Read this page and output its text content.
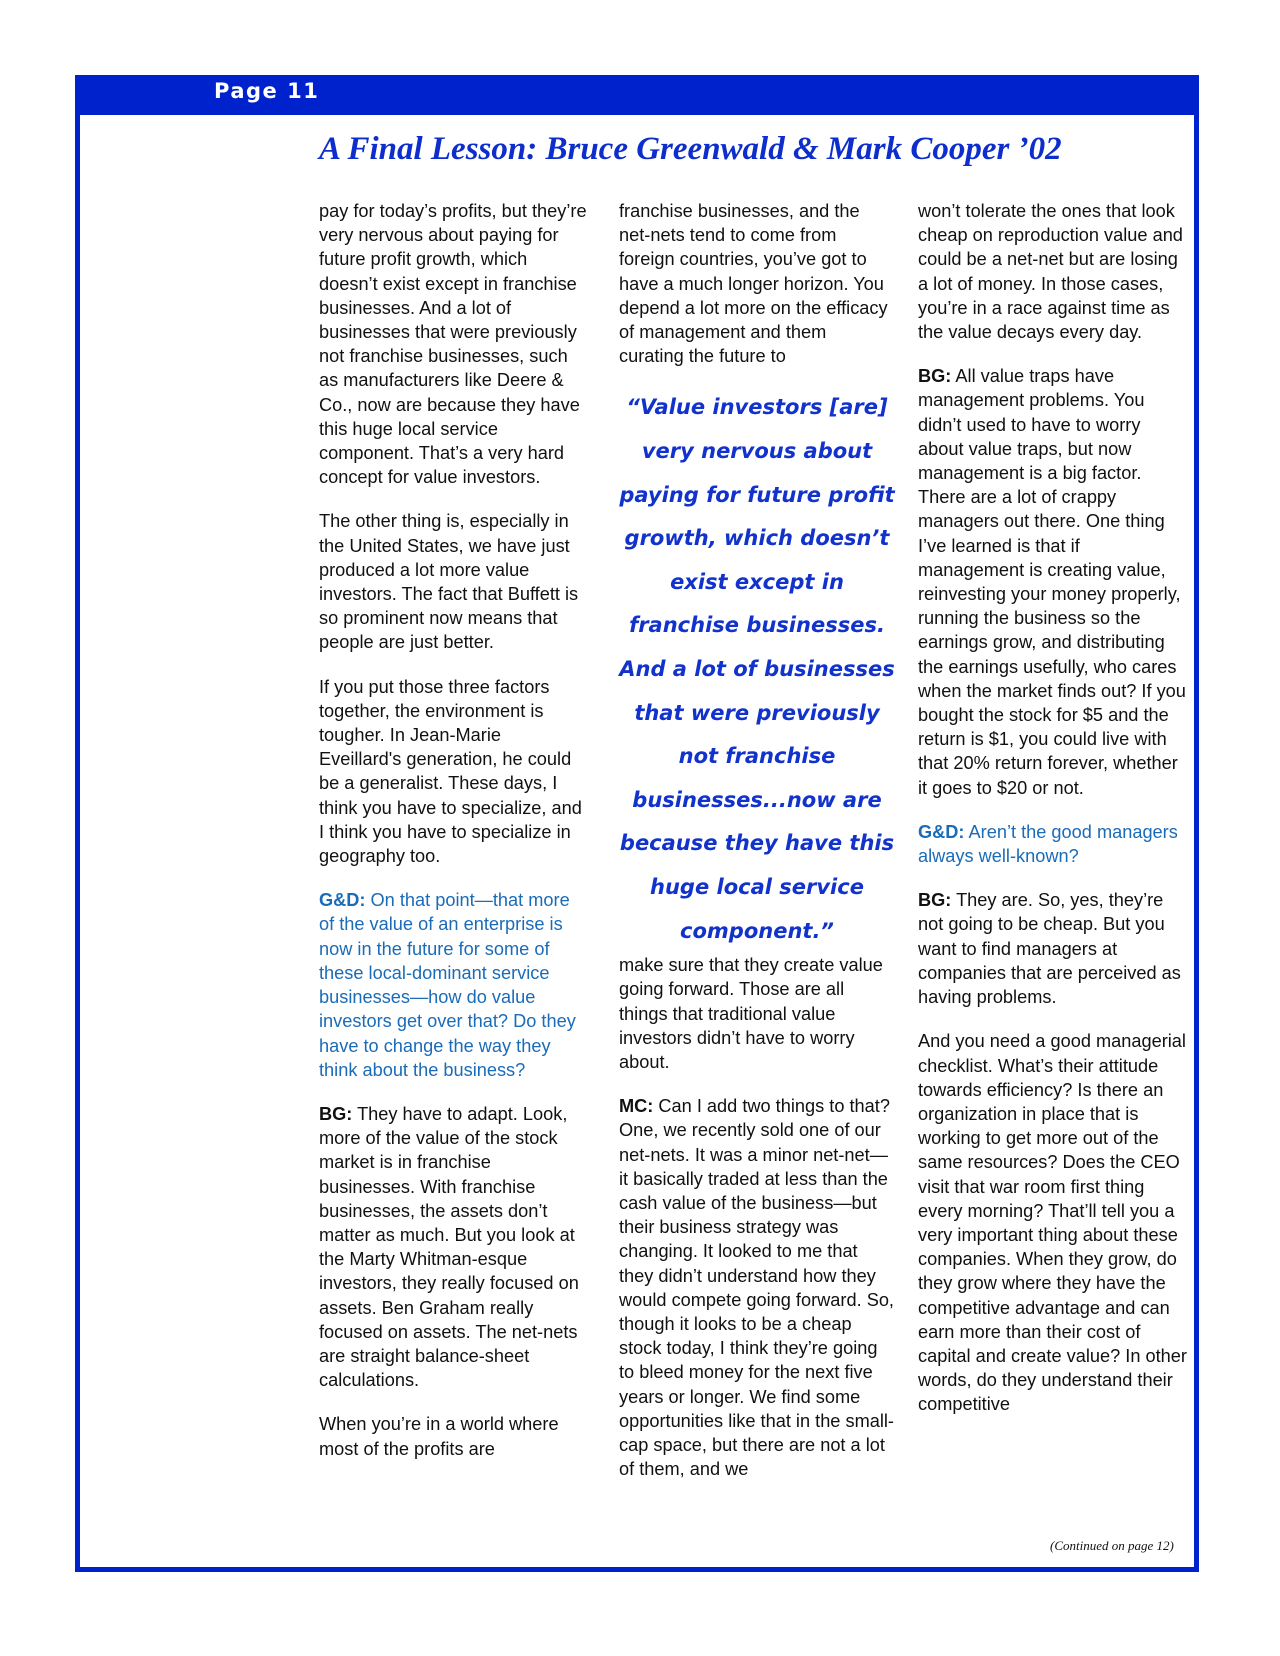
Page 11
A Final Lesson: Bruce Greenwald & Mark Cooper ’02

pay for today’s profits, but they’re very nervous about paying for future profit growth, which doesn’t exist except in franchise businesses. And a lot of businesses that were previously not franchise businesses, such as manufacturers like Deere & Co., now are because they have this huge local service component. That’s a very hard concept for value investors.

The other thing is, especially in the United States, we have just produced a lot more value investors. The fact that Buffett is so prominent now means that people are just better.

If you put those three factors together, the environment is tougher. In Jean-Marie Eveillard's generation, he could be a generalist. These days, I think you have to specialize, and I think you have to specialize in geography too.

G&D: On that point—that more of the value of an enterprise is now in the future for some of these local-dominant service businesses—how do value investors get over that? Do they have to change the way they think about the business?

BG: They have to adapt. Look, more of the value of the stock market is in franchise businesses. With franchise businesses, the assets don’t matter as much. But you look at the Marty Whitman-esque investors, they really focused on assets. Ben Graham really focused on assets. The net-nets are straight balance-sheet calculations.

When you’re in a world where most of the profits are

franchise businesses, and the net-nets tend to come from foreign countries, you’ve got to have a much longer horizon. You depend a lot more on the efficacy of management and them curating the future to

“Value investors [are] very nervous about paying for future profit growth, which doesn’t exist except in franchise businesses. And a lot of businesses that were previously not franchise businesses...now are because they have this huge local service component.”

make sure that they create value going forward. Those are all things that traditional value investors didn’t have to worry about.

MC: Can I add two things to that? One, we recently sold one of our net-nets. It was a minor net-net—it basically traded at less than the cash value of the business—but their business strategy was changing. It looked to me that they didn’t understand how they would compete going forward. So, though it looks to be a cheap stock today, I think they’re going to bleed money for the next five years or longer. We find some opportunities like that in the small-cap space, but there are not a lot of them, and we

won’t tolerate the ones that look cheap on reproduction value and could be a net-net but are losing a lot of money. In those cases, you’re in a race against time as the value decays every day.

BG: All value traps have management problems. You didn’t used to have to worry about value traps, but now management is a big factor. There are a lot of crappy managers out there. One thing I’ve learned is that if management is creating value, reinvesting your money properly, running the business so the earnings grow, and distributing the earnings usefully, who cares when the market finds out? If you bought the stock for $5 and the return is $1, you could live with that 20% return forever, whether it goes to $20 or not.

G&D: Aren’t the good managers always well-known?

BG: They are. So, yes, they’re not going to be cheap. But you want to find managers at companies that are perceived as having problems.

And you need a good managerial checklist. What’s their attitude towards efficiency? Is there an organization in place that is working to get more out of the same resources? Does the CEO visit that war room first thing every morning? That’ll tell you a very important thing about these companies. When they grow, do they grow where they have the competitive advantage and can earn more than their cost of capital and create value? In other words, do they understand their competitive

(Continued on page 12)
